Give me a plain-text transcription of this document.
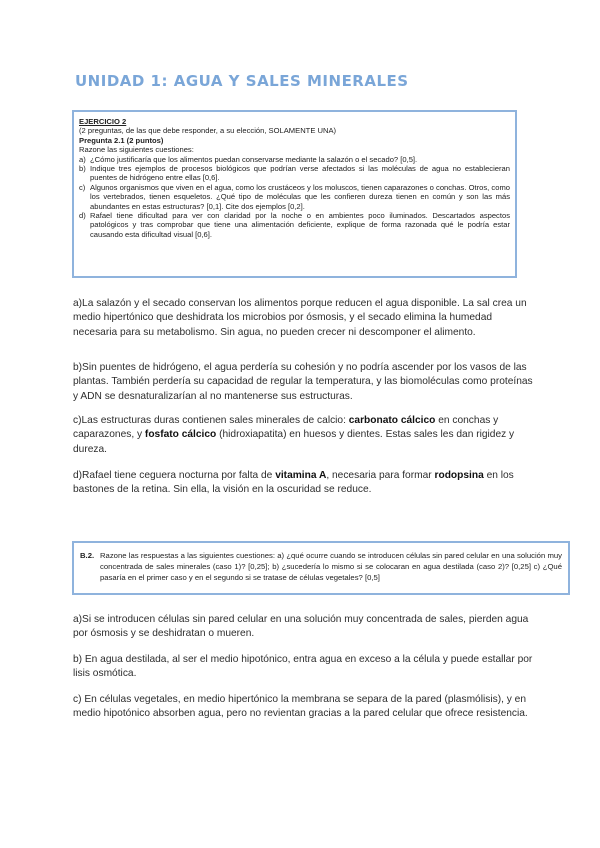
UNIDAD 1: AGUA Y SALES MINERALES
EJERCICIO 2
(2 preguntas, de las que debe responder, a su elección, SOLAMENTE UNA)
Pregunta 2.1 (2 puntos)
Razone las siguientes cuestiones:
a) ¿Cómo justificaría que los alimentos puedan conservarse mediante la salazón o el secado? [0,5].
b) Indique tres ejemplos de procesos biológicos que podrían verse afectados si las moléculas de agua no establecieran puentes de hidrógeno entre ellas [0,6].
c) Algunos organismos que viven en el agua, como los crustáceos y los moluscos, tienen caparazones o conchas. Otros, como los vertebrados, tienen esqueletos. ¿Qué tipo de moléculas que les confieren dureza tienen en común y son las más abundantes en estas estructuras? [0,1]. Cite dos ejemplos [0,2].
d) Rafael tiene dificultad para ver con claridad por la noche o en ambientes poco iluminados. Descartados aspectos patológicos y tras comprobar que tiene una alimentación deficiente, explique de forma razonada qué le podría estar causando esta dificultad visual [0,6].

a)La salazón y el secado conservan los alimentos porque reducen el agua disponible. La sal crea un medio hipertónico que deshidrata los microbios por ósmosis, y el secado elimina la humedad necesaria para su metabolismo. Sin agua, no pueden crecer ni descomponer el alimento.

b)Sin puentes de hidrógeno, el agua perdería su cohesión y no podría ascender por los vasos de las plantas. También perdería su capacidad de regular la temperatura, y las biomoléculas como proteínas y ADN se desnaturalizarían al no mantenerse sus estructuras.

c)Las estructuras duras contienen sales minerales de calcio: carbonato cálcico en conchas y caparazones, y fosfato cálcico (hidroxiapatita) en huesos y dientes. Estas sales les dan rigidez y dureza.

d)Rafael tiene ceguera nocturna por falta de vitamina A, necesaria para formar rodopsina en los bastones de la retina. Sin ella, la visión en la oscuridad se reduce.

B.2. Razone las respuestas a las siguientes cuestiones: a) ¿qué ocurre cuando se introducen células sin pared celular en una solución muy concentrada de sales minerales (caso 1)? [0,25]; b) ¿sucedería lo mismo si se colocaran en agua destilada (caso 2)? [0,25] c) ¿Qué pasaría en el primer caso y en el segundo si se tratase de células vegetales? [0,5]

a)Si se introducen células sin pared celular en una solución muy concentrada de sales, pierden agua por ósmosis y se deshidratan o mueren.

b) En agua destilada, al ser el medio hipotónico, entra agua en exceso a la célula y puede estallar por lisis osmótica.

c) En células vegetales, en medio hipertónico la membrana se separa de la pared (plasmólisis), y en medio hipotónico absorben agua, pero no revientan gracias a la pared celular que ofrece resistencia.
